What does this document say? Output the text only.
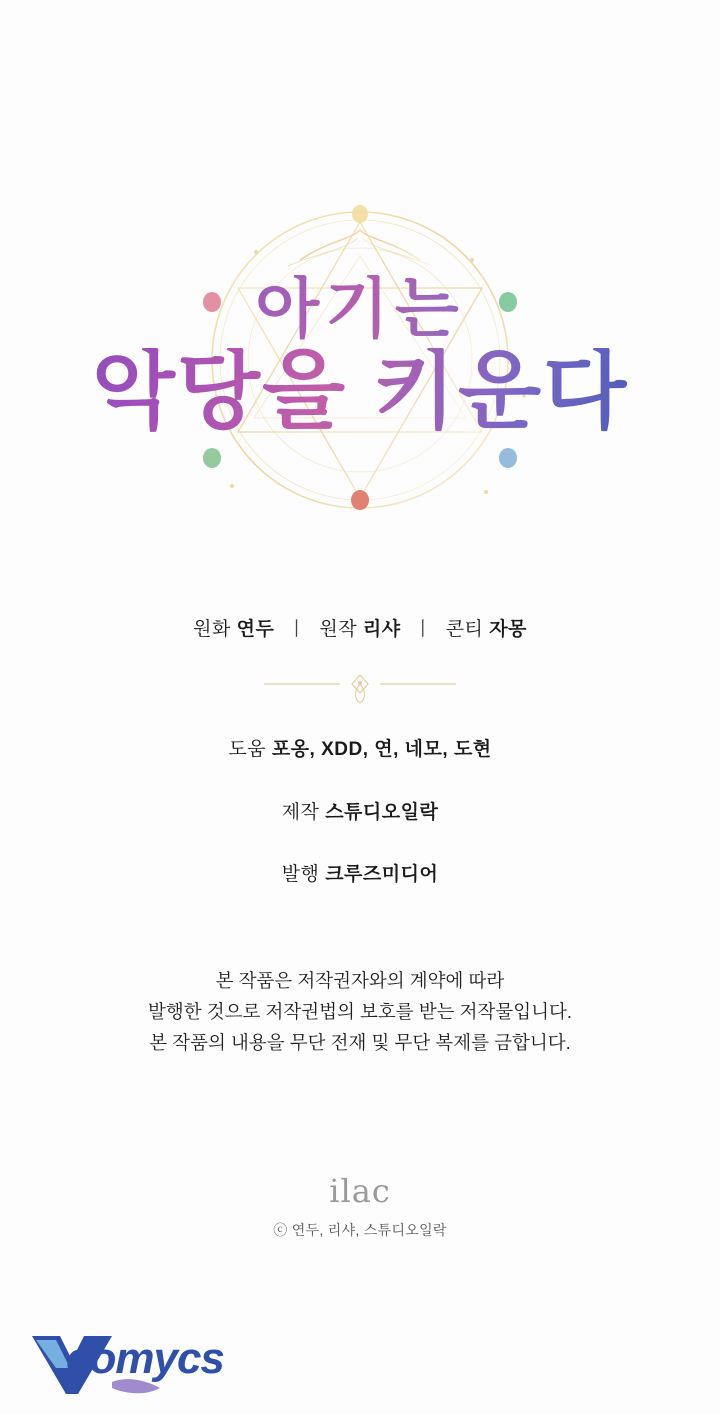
아기는
악당을 키운다
원화 연두 丨 원작 리샤 丨 콘티 자몽
도움 포옹, XDD, 연, 네모, 도현
제작 스튜디오일락
발행 크루즈미디어
본 작품은 저작권자와의 계약에 따라
발행한 것으로 저작권법의 보호를 받는 저작물입니다.
본 작품의 내용을 무단 전재 및 무단 복제를 금합니다.
ilac
ⓒ 연두, 리샤, 스튜디오일락
comycs
